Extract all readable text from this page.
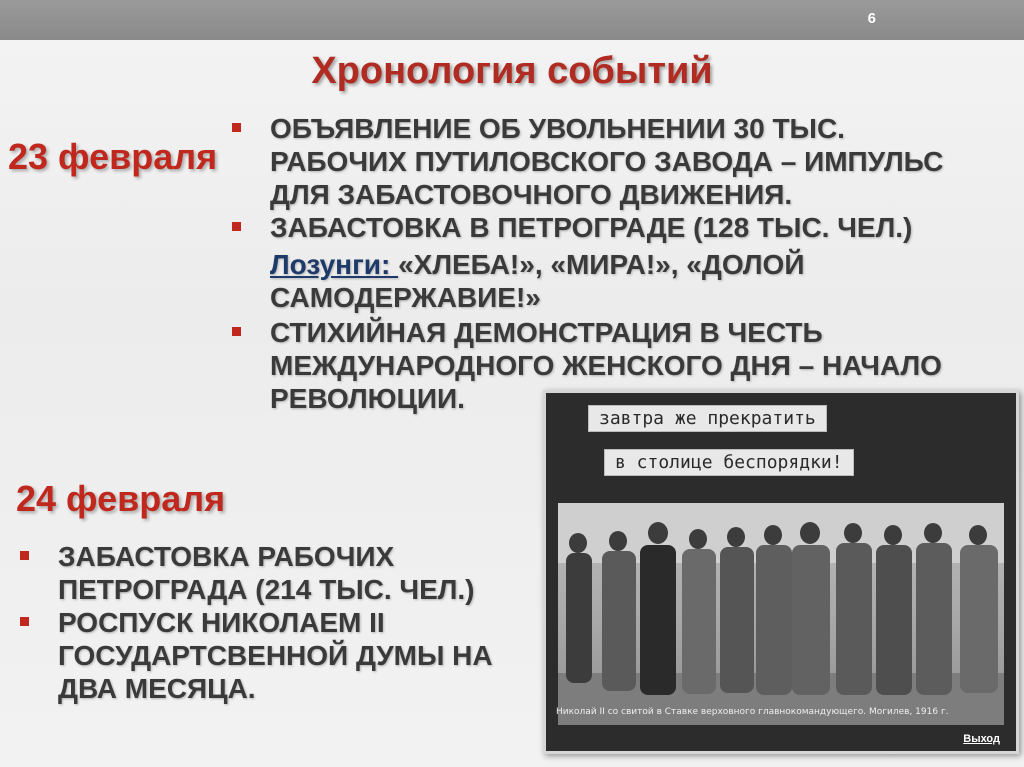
6
Хронология событий
23 февраля
ОБЪЯВЛЕНИЕ ОБ УВОЛЬНЕНИИ 30 ТЫС. РАБОЧИХ ПУТИЛОВСКОГО ЗАВОДА – ИМПУЛЬС ДЛЯ ЗАБАСТОВОЧНОГО ДВИЖЕНИЯ.
ЗАБАСТОВКА В ПЕТРОГРАДЕ (128 ТЫС. ЧЕЛ.)
Лозунги: «ХЛЕБА!», «МИРА!», «ДОЛОЙ САМОДЕРЖАВИЕ!»
СТИХИЙНАЯ ДЕМОНСТРАЦИЯ В ЧЕСТЬ МЕЖДУНАРОДНОГО ЖЕНСКОГО ДНЯ – НАЧАЛО РЕВОЛЮЦИИ.
24 февраля
ЗАБАСТОВКА РАБОЧИХ ПЕТРОГРАДА (214 ТЫС. ЧЕЛ.)
РОСПУСК НИКОЛАЕМ II ГОСУДАРТСВЕННОЙ ДУМЫ НА ДВА МЕСЯЦА.
завтра же прекратить
в столице беспорядки!
Николай II со свитой в Ставке верховного главнокомандующего. Могилев, 1916 г.
Выход
